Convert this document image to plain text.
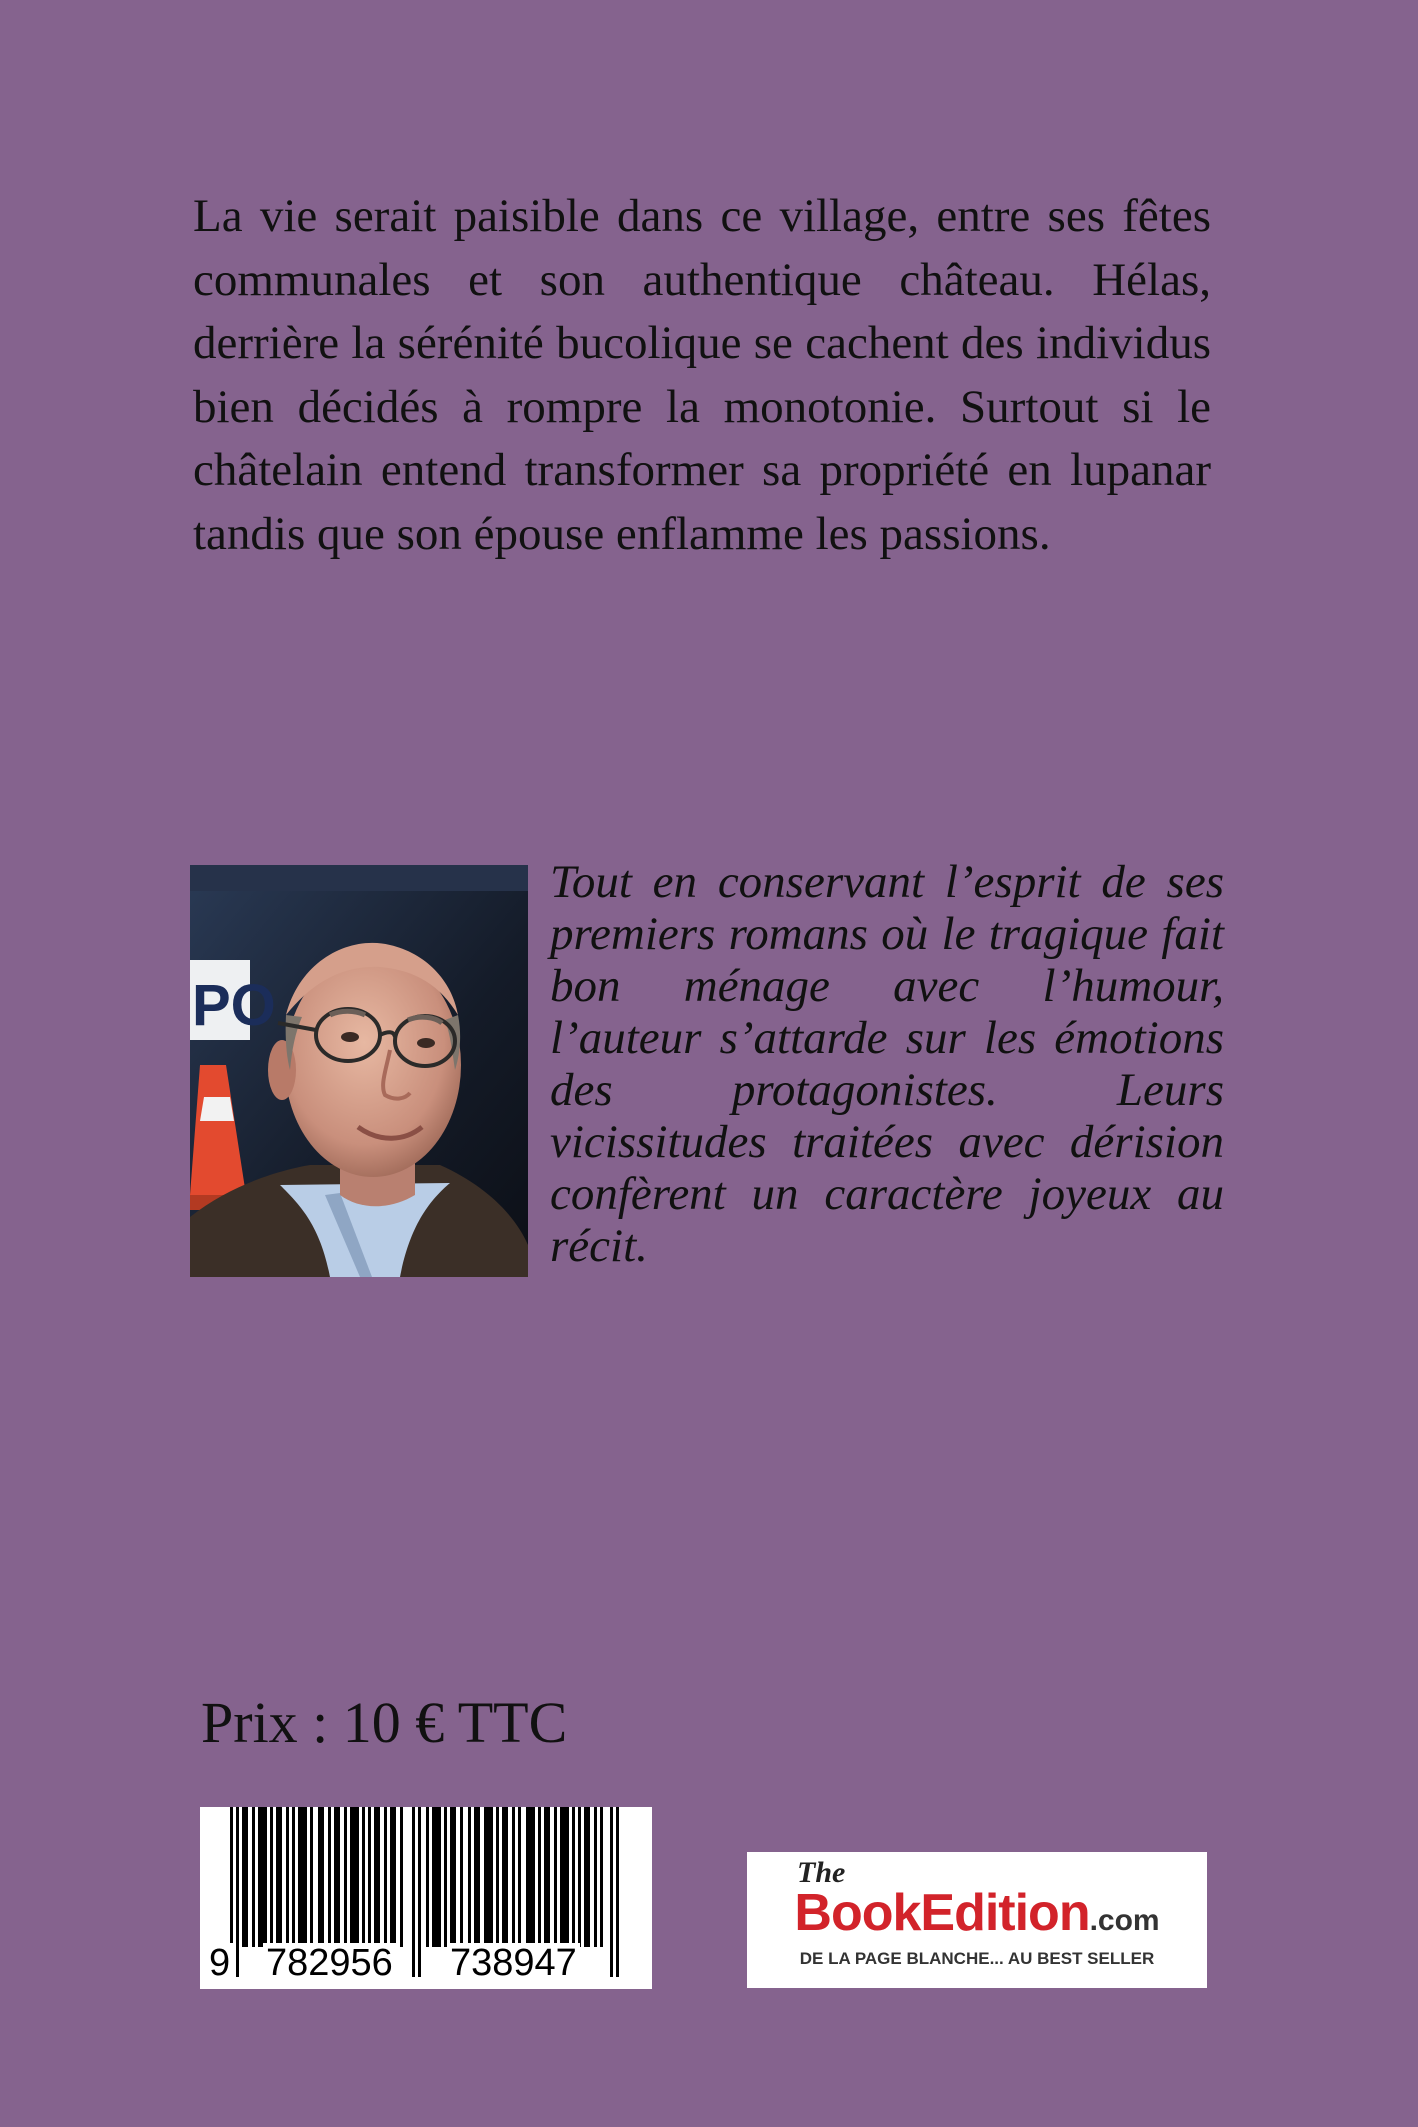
La vie serait paisible dans ce village, entre ses fêtes communales et son authentique château. Hélas, derrière la sérénité bucolique se cachent des individus bien décidés à rompre la monotonie. Surtout si le châtelain entend transformer sa propriété en lupanar tandis que son épouse enflamme les passions.

PO

Tout en conservant l’esprit de ses premiers romans où le tragique fait bon ménage avec l’humour, l’auteur s’attarde sur les émotions des protagonistes. Leurs vicissitudes traitées avec dérision confèrent un caractère joyeux au récit.

Prix : 10 € TTC

9 782956 738947
The
BookEdition.com
DE LA PAGE BLANCHE... AU BEST SELLER
